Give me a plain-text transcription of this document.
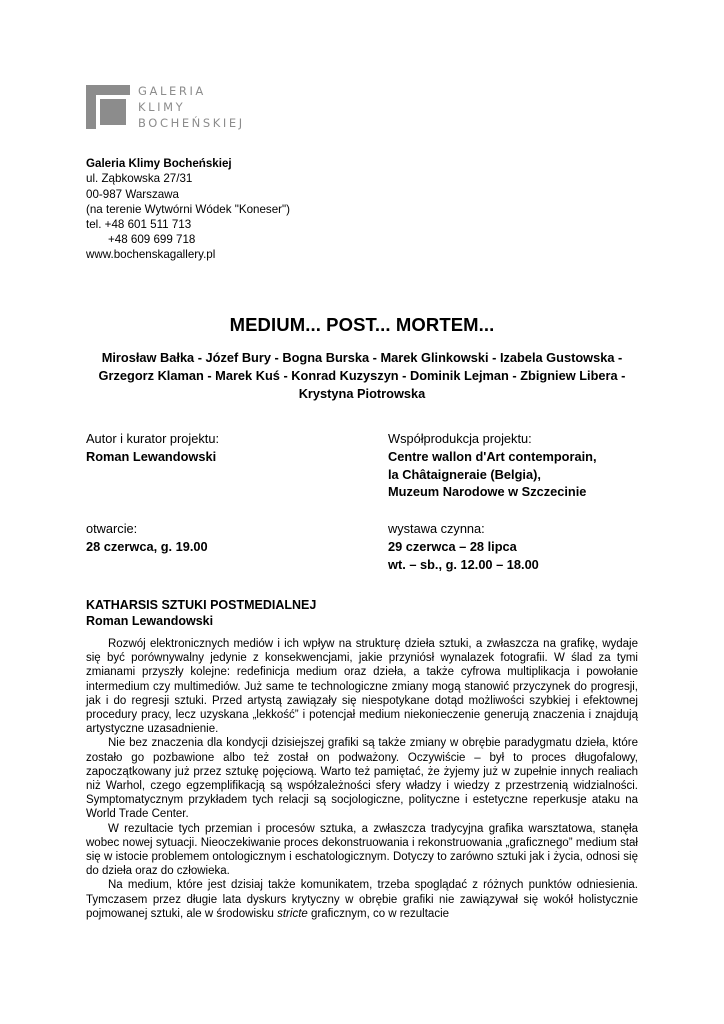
GALERIA
KLIMY
BOCHEŃSKIEJ
Galeria Klimy Bocheńskiej
ul. Ząbkowska 27/31
00-987 Warszawa
(na terenie Wytwórni Wódek "Koneser")
tel. +48 601 511 713
+48 609 699 718
www.bochenskagallery.pl
MEDIUM... POST... MORTEM...
Mirosław Bałka - Józef Bury - Bogna Burska - Marek Glinkowski - Izabela Gustowska -
Grzegorz Klaman - Marek Kuś - Konrad Kuzyszyn - Dominik Lejman - Zbigniew Libera -
Krystyna Piotrowska
Autor i kurator projektu:
Roman Lewandowski
Współprodukcja projektu:
Centre wallon d'Art contemporain,
la Châtaigneraie (Belgia),
Muzeum Narodowe w Szczecinie
otwarcie:
28 czerwca, g. 19.00
wystawa czynna:
29 czerwca – 28 lipca
wt. – sb., g. 12.00 – 18.00
KATHARSIS SZTUKI POSTMEDIALNEJ
Roman Lewandowski

Rozwój elektronicznych mediów i ich wpływ na strukturę dzieła sztuki, a zwłaszcza na grafikę, wydaje się być porównywalny jedynie z konsekwencjami, jakie przyniósł wynalazek fotografii. W ślad za tymi zmianami przyszły kolejne: redefinicja medium oraz dzieła, a także cyfrowa multiplikacja i powołanie intermedium czy multimediów. Już same te technologiczne zmiany mogą stanowić przyczynek do progresji, jak i do regresji sztuki. Przed artystą zawiązały się niespotykane dotąd możliwości szybkiej i efektownej procedury pracy, lecz uzyskana „lekkość” i potencjał medium niekonieczenie generują znaczenia i znajdują artystyczne uzasadnienie.

Nie bez znaczenia dla kondycji dzisiejszej grafiki są także zmiany w obrębie paradygmatu dzieła, które zostało go pozbawione albo też został on podważony. Oczywiście – był to proces długofalowy, zapoczątkowany już przez sztukę pojęciową. Warto też pamiętać, że żyjemy już w zupełnie innych realiach niż Warhol, czego egzemplifikacją są współzależności sfery władzy i wiedzy z przestrzenią widzialności. Symptomatycznym przykładem tych relacji są socjologiczne, polityczne i estetyczne reperkusje ataku na World Trade Center.

W rezultacie tych przemian i procesów sztuka, a zwłaszcza tradycyjna grafika warsztatowa, stanęła wobec nowej sytuacji. Nieoczekiwanie proces dekonstruowania i rekonstruowania „graficznego” medium stał się w istocie problemem ontologicznym i eschatologicznym. Dotyczy to zarówno sztuki jak i życia, odnosi się do dzieła oraz do człowieka.

Na medium, które jest dzisiaj także komunikatem, trzeba spoglądać z różnych punktów odniesienia. Tymczasem przez długie lata dyskurs krytyczny w obrębie grafiki nie zawiązywał się wokół holistycznie pojmowanej sztuki, ale w środowisku stricte graficznym, co w rezultacie
